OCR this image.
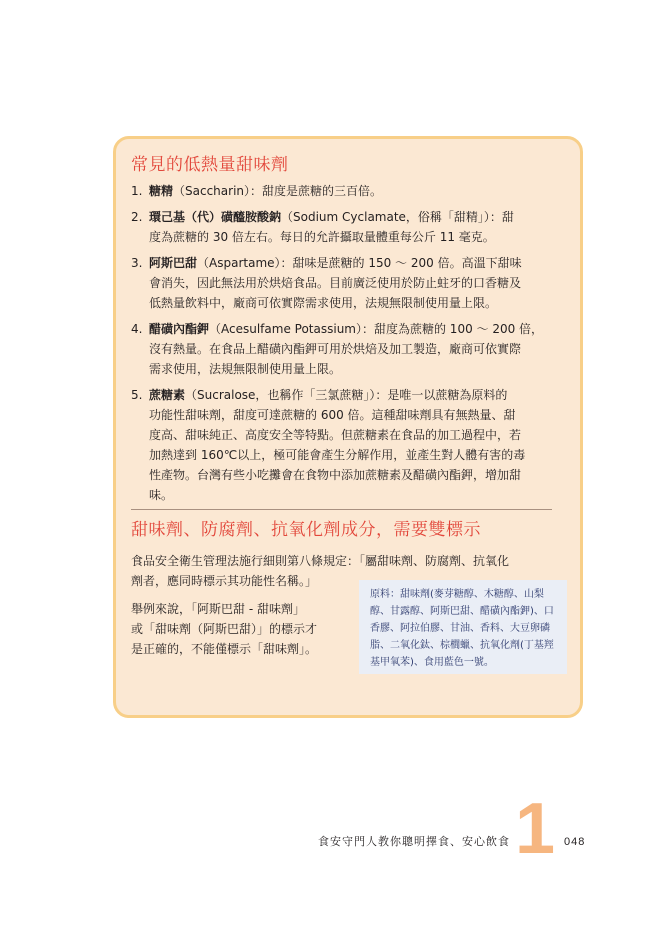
常見的低熱量甜味劑
1. 糖精（Saccharin）：甜度是蔗糖的三百倍。
2. 環己基（代）磺醯胺酸鈉（Sodium Cyclamate，俗稱「甜精」）：甜
度為蔗糖的 30 倍左右。每日的允許攝取量體重每公斤 11 毫克。
3. 阿斯巴甜（Aspartame）：甜味是蔗糖的 150 ～ 200 倍。高溫下甜味
會消失，因此無法用於烘焙食品。目前廣泛使用於防止蛀牙的口香糖及
低熱量飲料中，廠商可依實際需求使用，法規無限制使用量上限。
4. 醋磺內酯鉀（Acesulfame Potassium）：甜度為蔗糖的 100 ～ 200 倍，
沒有熱量。在食品上醋磺內酯鉀可用於烘焙及加工製造，廠商可依實際
需求使用，法規無限制使用量上限。
5. 蔗糖素（Sucralose，也稱作「三氯蔗糖」）：是唯一以蔗糖為原料的
功能性甜味劑，甜度可達蔗糖的 600 倍。這種甜味劑具有無熱量、甜
度高、甜味純正、高度安全等特點。但蔗糖素在食品的加工過程中，若
加熱達到 160℃以上，極可能會產生分解作用，並產生對人體有害的毒
性產物。台灣有些小吃攤會在食物中添加蔗糖素及醋磺內酯鉀，增加甜
味。
甜味劑、防腐劑、抗氧化劑成分，需要雙標示
食品安全衛生管理法施行細則第八條規定：「屬甜味劑、防腐劑、抗氧化
劑者，應同時標示其功能性名稱。」
舉例來說，「阿斯巴甜 - 甜味劑」
或「甜味劑（阿斯巴甜）」的標示才
是正確的，不能僅標示「甜味劑」。
原料：甜味劑(麥芽糖醇、木糖醇、山梨
醇、甘露醇、阿斯巴甜、醋磺內酯鉀)、口
香膠、阿拉伯膠、甘油、香料、大豆卵磷
脂、二氧化鈦、棕櫚蠟、抗氧化劑(丁基羥
基甲氧苯)、食用藍色一號。
食安守門人教你聰明擇食、安心飲食 1 048
